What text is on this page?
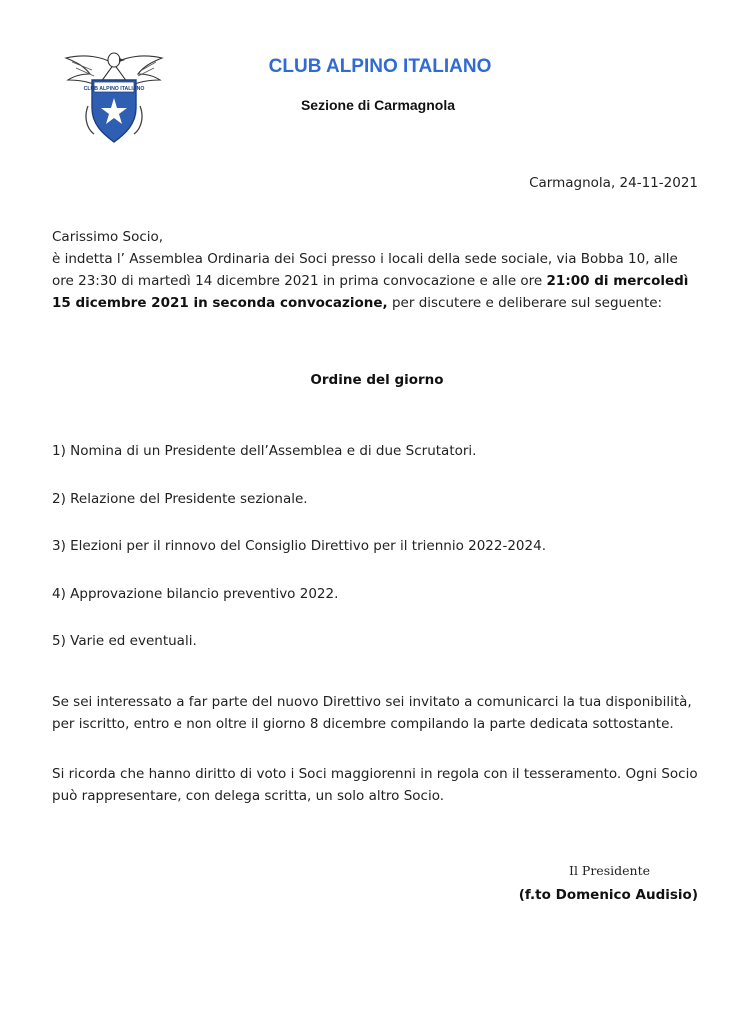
CLUB ALPINO ITALIANO
CLUB ALPINO ITALIANO
Sezione di Carmagnola
Carmagnola, 24-11-2021
Carissimo Socio,
è indetta l’ Assemblea Ordinaria dei Soci presso i locali della sede sociale, via Bobba 10, alle ore 23:30 di martedì 14 dicembre 2021 in prima convocazione e alle ore 21:00 di mercoledì 15 dicembre 2021 in seconda convocazione, per discutere e deliberare sul seguente:
Ordine del giorno
1) Nomina di un Presidente dell’Assemblea e di due Scrutatori.
2) Relazione del Presidente sezionale.
3) Elezioni per il rinnovo del Consiglio Direttivo per il triennio 2022-2024.
4) Approvazione bilancio preventivo 2022.
5) Varie ed eventuali.
Se sei interessato a far parte del nuovo Direttivo sei invitato a comunicarci la tua disponibilità, per iscritto, entro e non oltre il giorno 8 dicembre compilando la parte dedicata sottostante.
Si ricorda che hanno diritto di voto i Soci maggiorenni in regola con il tesseramento. Ogni Socio può rappresentare, con delega scritta, un solo altro Socio.
Il Presidente
(f.to Domenico Audisio)
